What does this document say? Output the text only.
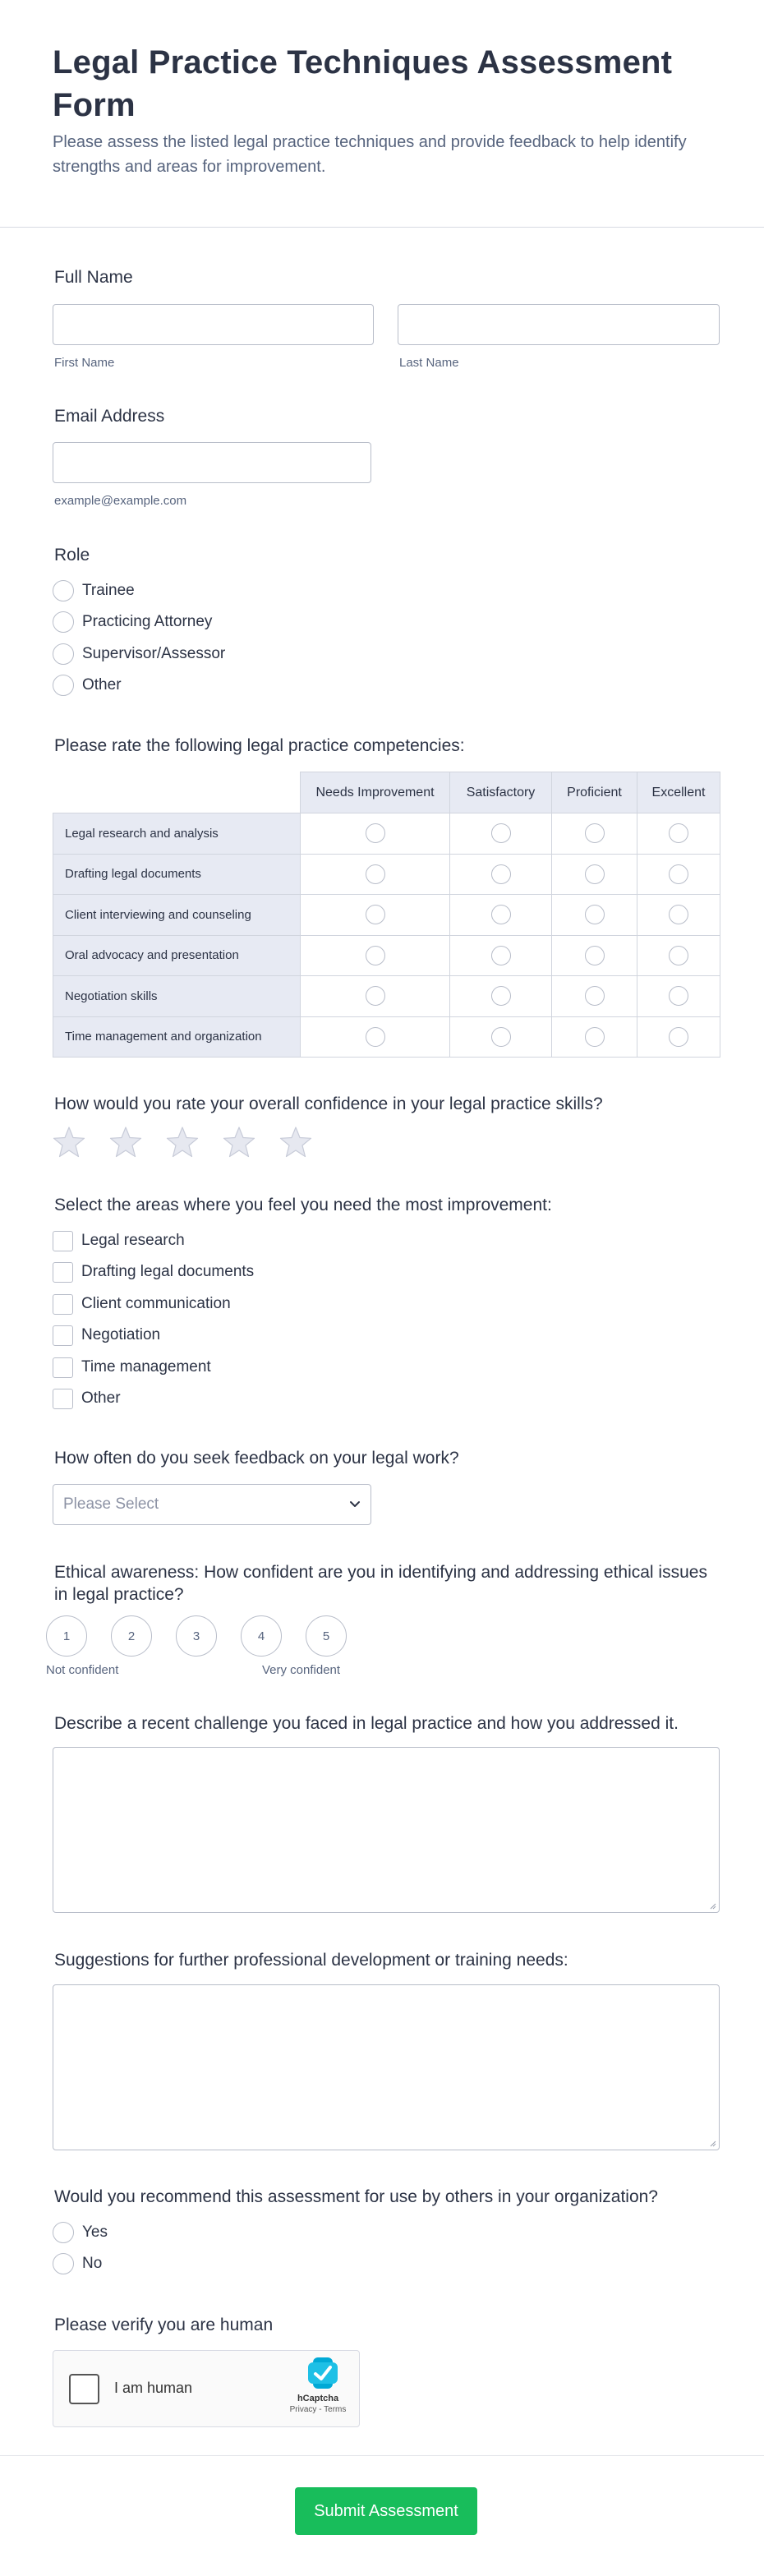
Legal Practice Techniques Assessment Form

Please assess the listed legal practice techniques and provide feedback to help identify strengths and areas for improvement.

Full Name
First Name	Last Name
Email Address
example@example.com
Role
Trainee
Practicing Attorney
Supervisor/Assessor
Other
Please rate the following legal practice competencies:
	Needs Improvement	Satisfactory	Proficient	Excellent
Legal research and analysis				
Drafting legal documents				
Client interviewing and counseling				
Oral advocacy and presentation				
Negotiation skills				
Time management and organization				
How would you rate your overall confidence in your legal practice skills?
Select the areas where you feel you need the most improvement:
Legal research
Drafting legal documents
Client communication
Negotiation
Time management
Other
How often do you seek feedback on your legal work?
Please Select
Ethical awareness: How confident are you in identifying and addressing ethical issues in legal practice?
1	2	3	4	5
Not confident	Very confident
Describe a recent challenge you faced in legal practice and how you addressed it.
Suggestions for further professional development or training needs:
Would you recommend this assessment for use by others in your organization?
Yes
No
Please verify you are human
I am human
hCaptcha
Privacy - Terms
Submit Assessment
